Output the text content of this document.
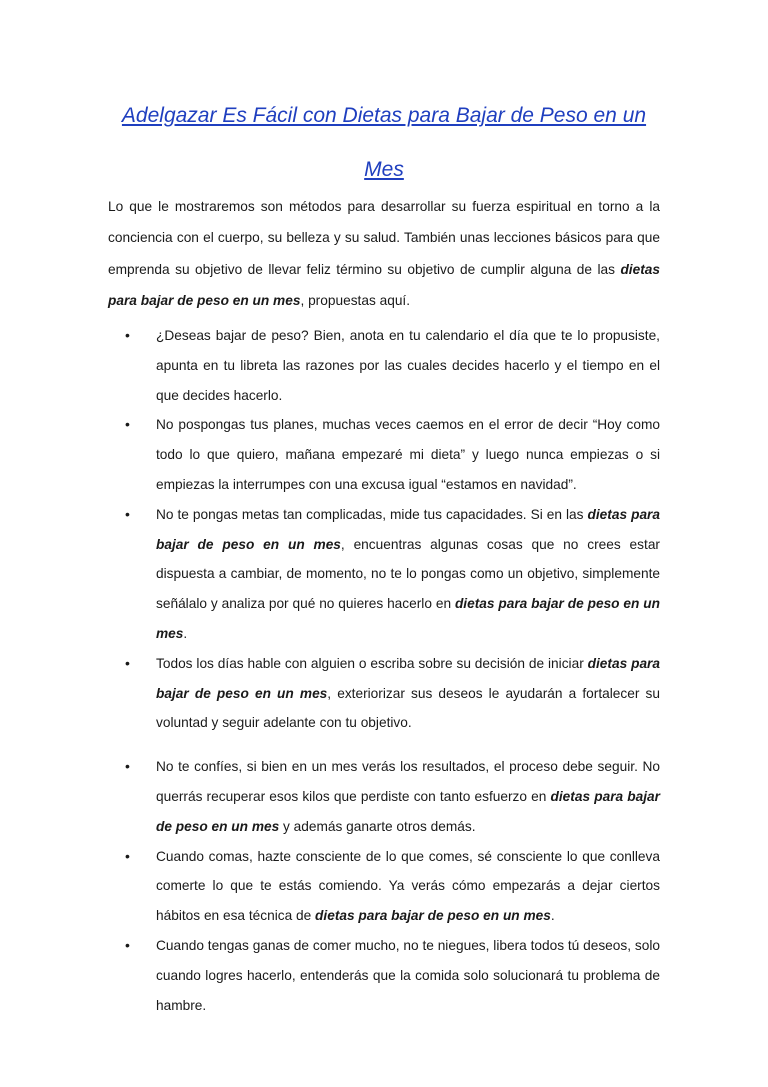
Adelgazar Es Fácil con Dietas para Bajar de Peso en un
Mes

Lo que le mostraremos son métodos para desarrollar su fuerza espiritual en torno a la conciencia con el cuerpo, su belleza y su salud. También unas lecciones básicos para que emprenda su objetivo de llevar feliz término su objetivo de cumplir alguna de las dietas para bajar de peso en un mes, propuestas aquí.

• ¿Deseas bajar de peso? Bien, anota en tu calendario el día que te lo propusiste, apunta en tu libreta las razones por las cuales decides hacerlo y el tiempo en el que decides hacerlo.
• No pospongas tus planes, muchas veces caemos en el error de decir “Hoy como todo lo que quiero, mañana empezaré mi dieta” y luego nunca empiezas o si empiezas la interrumpes con una excusa igual “estamos en navidad”.
• No te pongas metas tan complicadas, mide tus capacidades. Si en las dietas para bajar de peso en un mes, encuentras algunas cosas que no crees estar dispuesta a cambiar, de momento, no te lo pongas como un objetivo, simplemente señálalo y analiza por qué no quieres hacerlo en dietas para bajar de peso en un mes.
• Todos los días hable con alguien o escriba sobre su decisión de iniciar dietas para bajar de peso en un mes, exteriorizar sus deseos le ayudarán a fortalecer su voluntad y seguir adelante con tu objetivo.
• No te confíes, si bien en un mes verás los resultados, el proceso debe seguir. No querrás recuperar esos kilos que perdiste con tanto esfuerzo en dietas para bajar de peso en un mes y además ganarte otros demás.
• Cuando comas, hazte consciente de lo que comes, sé consciente lo que conlleva comerte lo que te estás comiendo. Ya verás cómo empezarás a dejar ciertos hábitos en esa técnica de dietas para bajar de peso en un mes.
• Cuando tengas ganas de comer mucho, no te niegues, libera todos tú deseos, solo cuando logres hacerlo, entenderás que la comida solo solucionará tu problema de hambre.
